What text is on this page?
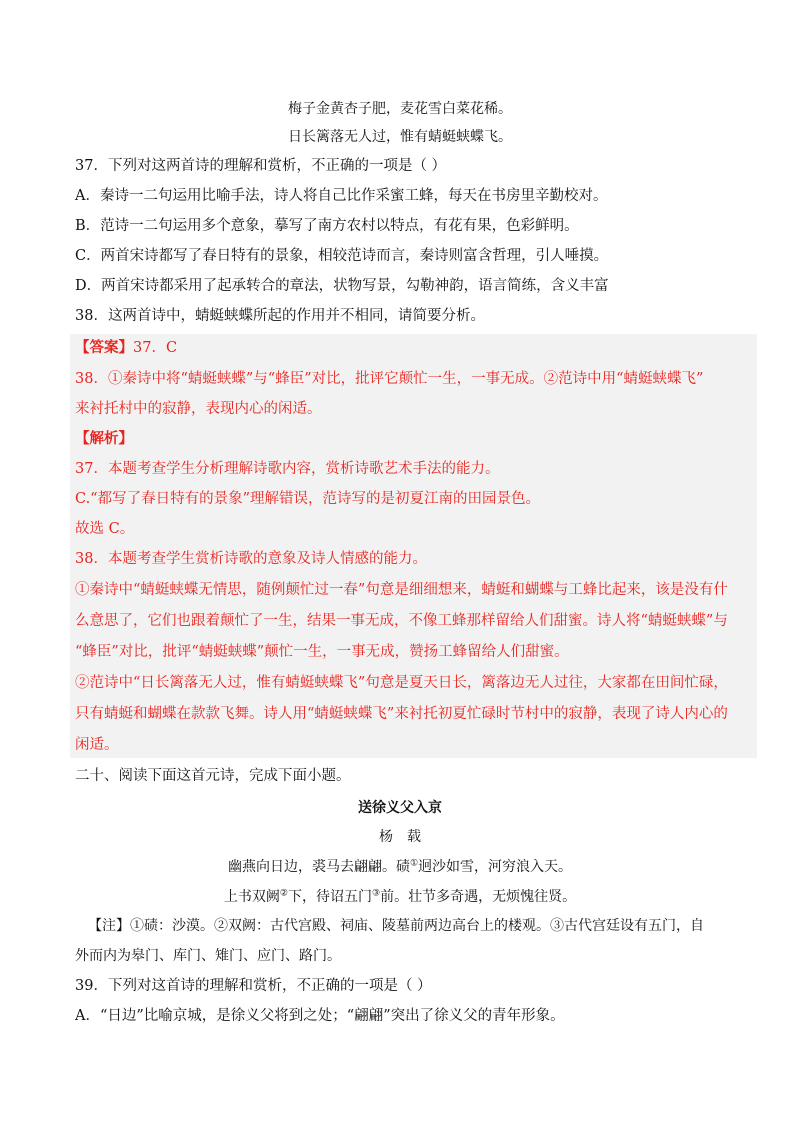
梅子金黄杏子肥，麦花雪白菜花稀。
日长篱落无人过，惟有蜻蜓蛱蝶飞。
37．下列对这两首诗的理解和赏析，不正确的一项是（ ）
A．秦诗一二句运用比喻手法，诗人将自己比作采蜜工蜂，每天在书房里辛勤校对。
B．范诗一二句运用多个意象，摹写了南方农村以特点，有花有果，色彩鲜明。
C．两首宋诗都写了春日特有的景象，相较范诗而言，秦诗则富含哲理，引人唾摸。
D．两首宋诗都采用了起承转合的章法，状物写景，勾勒神韵，语言简练，含义丰富
38．这两首诗中，蜻蜓蛱蝶所起的作用并不相同，请简要分析。
【答案】37．C
38．①秦诗中将“蜻蜓蛱蝶”与“蜂臣”对比，批评它颠忙一生，一事无成。②范诗中用“蜻蜓蛱蝶飞”
来衬托村中的寂静，表现内心的闲适。
【解析】
37．本题考查学生分析理解诗歌内容，赏析诗歌艺术手法的能力。
C.“都写了春日特有的景象”理解错误，范诗写的是初夏江南的田园景色。
故选 C。
38．本题考查学生赏析诗歌的意象及诗人情感的能力。
①秦诗中“蜻蜓蛱蝶无情思，随例颠忙过一春”句意是细细想来，蜻蜓和蝴蝶与工蜂比起来，该是没有什
么意思了，它们也跟着颠忙了一生，结果一事无成，不像工蜂那样留给人们甜蜜。诗人将“蜻蜓蛱蝶”与
“蜂臣”对比，批评“蜻蜓蛱蝶”颠忙一生，一事无成，赞扬工蜂留给人们甜蜜。
②范诗中“日长篱落无人过，惟有蜻蜓蛱蝶飞”句意是夏天日长，篱落边无人过往，大家都在田间忙碌，
只有蜻蜓和蝴蝶在款款飞舞。诗人用“蜻蜓蛱蝶飞”来衬托初夏忙碌时节村中的寂静，表现了诗人内心的
闲适。
二十、阅读下面这首元诗，完成下面小题。
送徐义父入京
杨　载
幽燕向日边，裘马去翩翩。碛①迥沙如雪，河穷浪入天。
上书双阙②下，待诏五门③前。壮节多奇遇，无烦愧往贤。
【注】①碛：沙漠。②双阙：古代宫殿、祠庙、陵墓前两边高台上的楼观。③古代宫廷设有五门，自
外而内为皋门、库门、雉门、应门、路门。
39．下列对这首诗的理解和赏析，不正确的一项是（ ）
A．“日边”比喻京城，是徐义父将到之处；“翩翩”突出了徐义父的青年形象。
